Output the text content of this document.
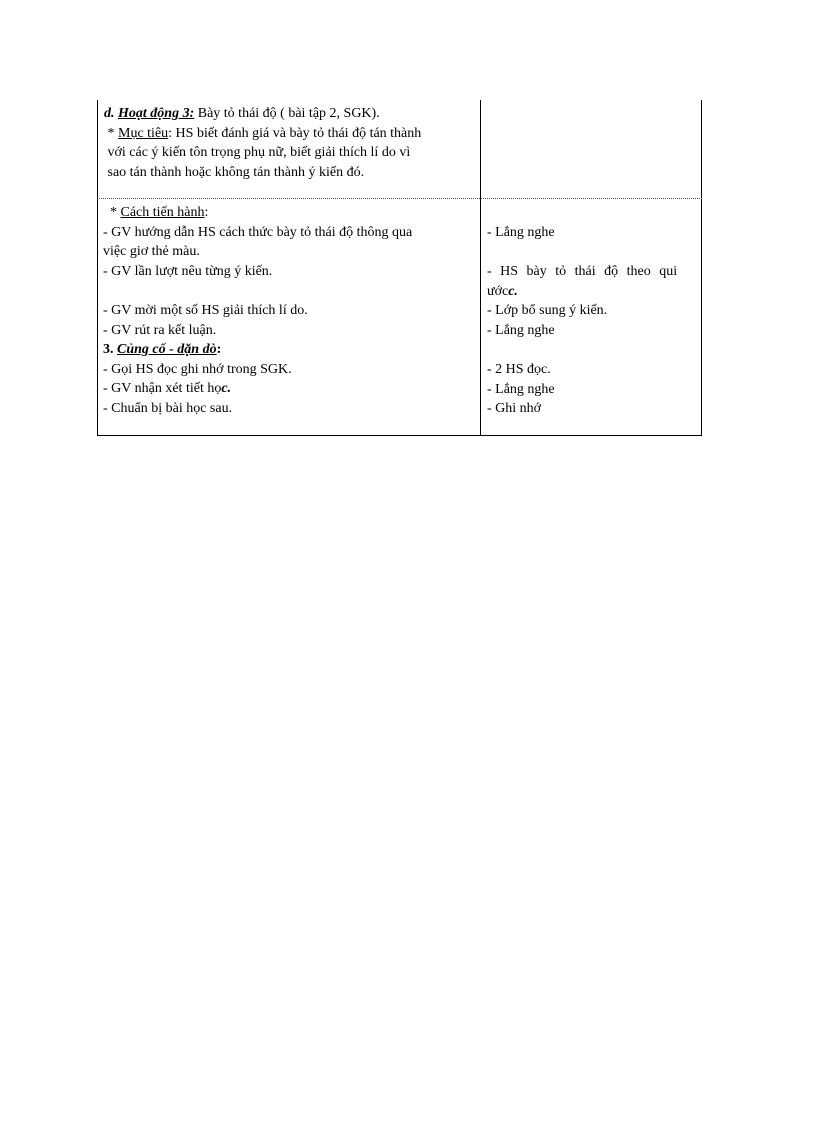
d. Hoạt động 3: Bày tỏ thái độ ( bài tập 2, SGK).
* Mục tiêu: HS biết đánh giá và bày tỏ thái độ tán thành
với các ý kiến tôn trọng phụ nữ, biết giải thích lí do vì
sao tán thành hoặc không tán thành ý kiến đó.
* Cách tiến hành:
- GV hướng dẫn HS cách thức bày tỏ thái độ thông qua
việc giơ thẻ màu.
- GV lần lượt nêu từng ý kiến.

- GV mời một số HS giải thích lí do.
- GV rút ra kết luận.
3. Củng cố - dặn dò:
- Gọi HS đọc ghi nhớ trong SGK.
- GV nhận xét tiết học.
- Chuẩn bị bài học sau.
- Lắng nghe

- HS bày tỏ thái độ theo qui
ướcc.
- Lớp bổ sung ý kiến.
- Lắng nghe

- 2 HS đọc.
- Lắng nghe
- Ghi nhớ
